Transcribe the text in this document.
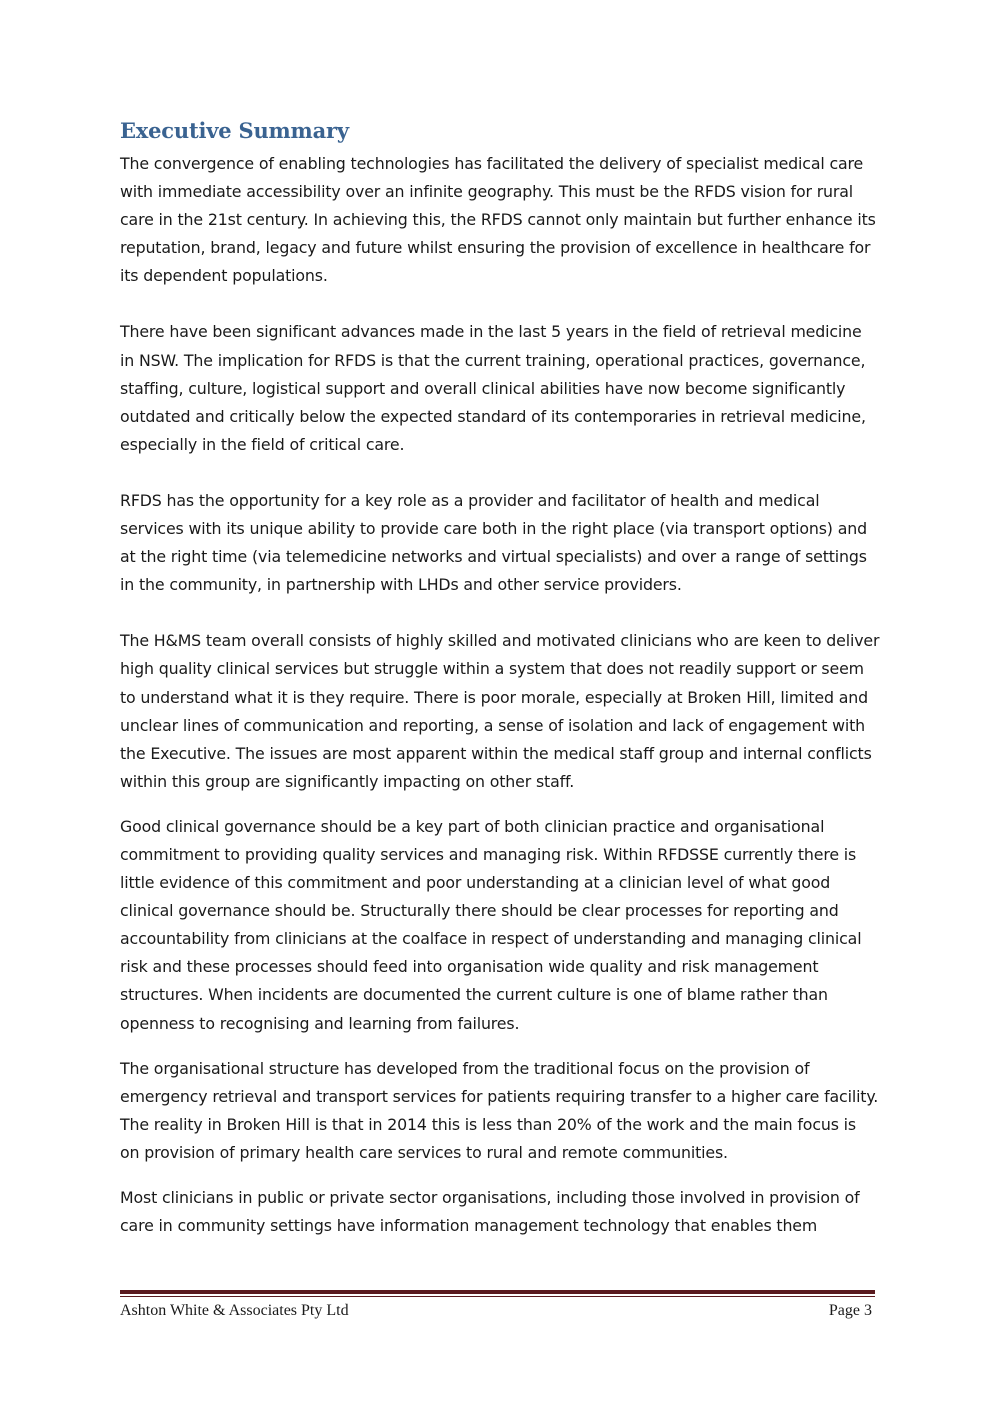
Executive Summary

The convergence of enabling technologies has facilitated the delivery of specialist medical care with immediate accessibility over an infinite geography. This must be the RFDS vision for rural care in the 21st century. In achieving this, the RFDS cannot only maintain but further enhance its reputation, brand, legacy and future whilst ensuring the provision of excellence in healthcare for its dependent populations.

There have been significant advances made in the last 5 years in the field of retrieval medicine in NSW. The implication for RFDS is that the current training, operational practices, governance, staffing, culture, logistical support and overall clinical abilities have now become significantly outdated and critically below the expected standard of its contemporaries in retrieval medicine, especially in the field of critical care.

RFDS has the opportunity for a key role as a provider and facilitator of health and medical services with its unique ability to provide care both in the right place (via transport options) and at the right time (via telemedicine networks and virtual specialists) and over a range of settings in the community, in partnership with LHDs and other service providers.

The H&MS team overall consists of highly skilled and motivated clinicians who are keen to deliver high quality clinical services but struggle within a system that does not readily support or seem to understand what it is they require. There is poor morale, especially at Broken Hill, limited and unclear lines of communication and reporting, a sense of isolation and lack of engagement with the Executive. The issues are most apparent within the medical staff group and internal conflicts within this group are significantly impacting on other staff.

Good clinical governance should be a key part of both clinician practice and organisational commitment to providing quality services and managing risk. Within RFDSSE currently there is little evidence of this commitment and poor understanding at a clinician level of what good clinical governance should be. Structurally there should be clear processes for reporting and accountability from clinicians at the coalface in respect of understanding and managing clinical risk and these processes should feed into organisation wide quality and risk management structures. When incidents are documented the current culture is one of blame rather than openness to recognising and learning from failures.

The organisational structure has developed from the traditional focus on the provision of emergency retrieval and transport services for patients requiring transfer to a higher care facility. The reality in Broken Hill is that in 2014 this is less than 20% of the work and the main focus is on provision of primary health care services to rural and remote communities.

Most clinicians in public or private sector organisations, including those involved in provision of care in community settings have information management technology that enables them

Ashton White & Associates Pty Ltd	Page 3
